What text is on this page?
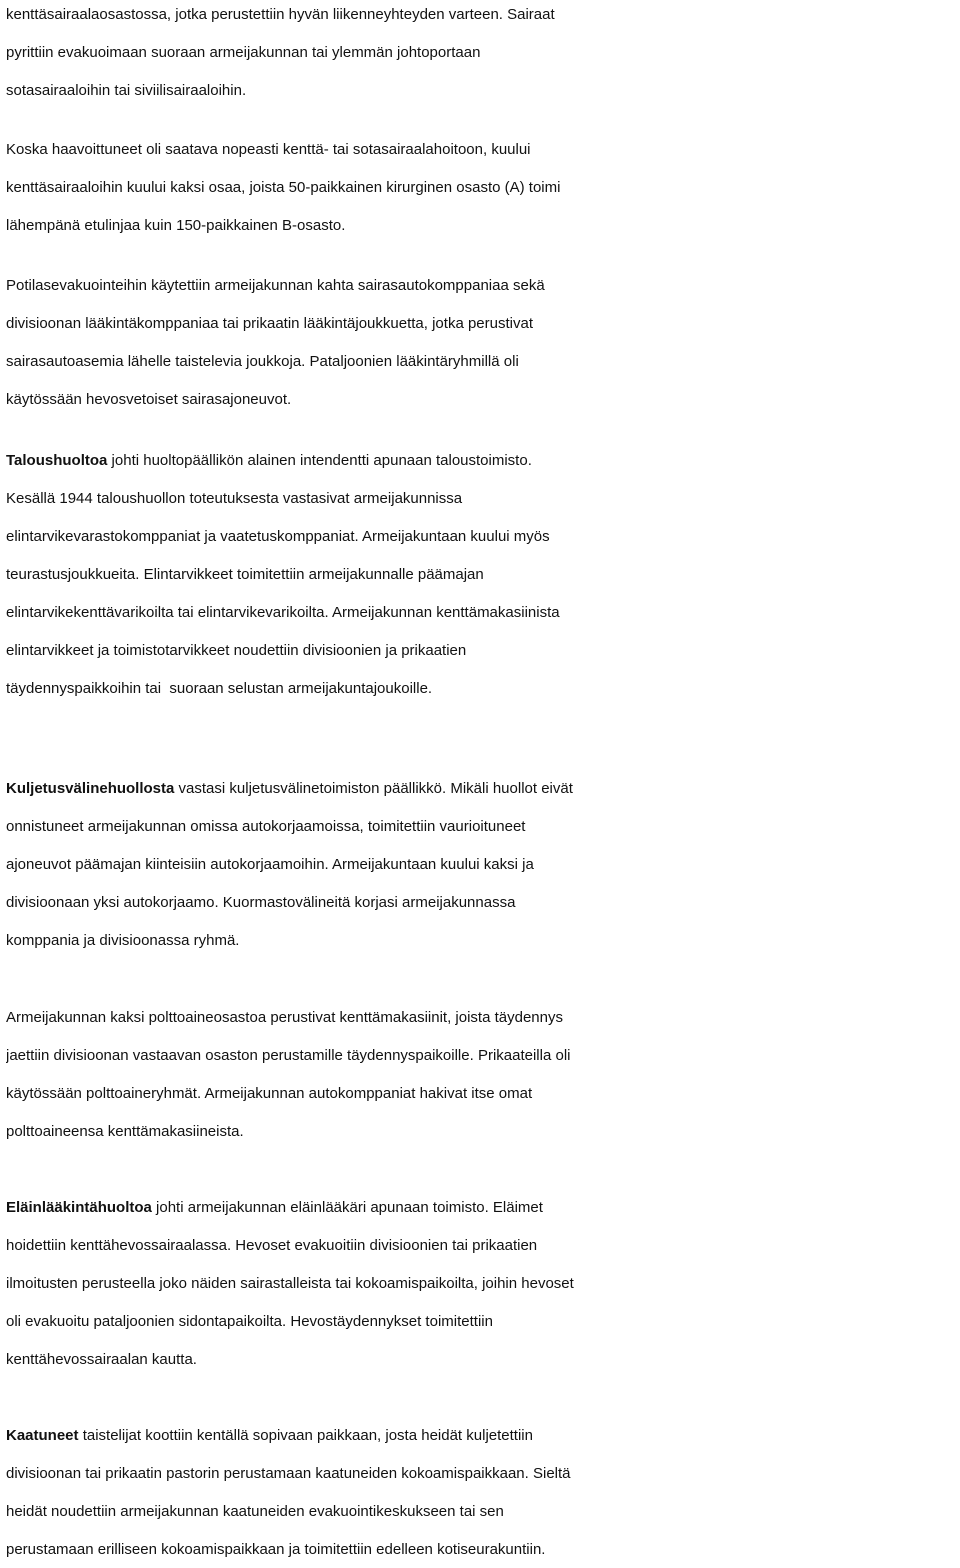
kenttäsairaalaosastossa, jotka perustettiin hyvän liikenneyhteyden varteen. Sairaat
pyrittiin evakuoimaan suoraan armeijakunnan tai ylemmän johtoportaan
sotasairaaloihin tai siviilisairaaloihin.
Koska haavoittuneet oli saatava nopeasti kenttä- tai sotasairaalahoitoon, kuului
kenttäsairaaloihin kuului kaksi osaa, joista 50-paikkainen kirurginen osasto (A) toimi
lähempänä etulinjaa kuin 150-paikkainen B-osasto.
Potilasevakuointeihin käytettiin armeijakunnan kahta sairasautokomppaniaa sekä
divisioonan lääkintäkomppaniaa tai prikaatin lääkintäjoukkuetta, jotka perustivat
sairasautoasemia lähelle taistelevia joukkoja. Pataljoonien lääkintäryhmillä oli
käytössään hevosvetoiset sairasajoneuvot.
Taloushuoltoa johti huoltopäällikön alainen intendentti apunaan taloustoimisto.
Kesällä 1944 taloushuollon toteutuksesta vastasivat armeijakunnissa
elintarvikevarastokomppaniat ja vaatetuskomppaniat. Armeijakuntaan kuului myös
teurastusjoukkueita. Elintarvikkeet toimitettiin armeijakunnalle päämajan
elintarvikekenttävarikoilta tai elintarvikevarikoilta. Armeijakunnan kenttämakasiinista
elintarvikkeet ja toimistotarvikkeet noudettiin divisioonien ja prikaatien
täydennyspaikkoihin tai  suoraan selustan armeijakuntajoukoille.
Kuljetusvälinehuollosta vastasi kuljetusvälinetoimiston päällikkö. Mikäli huollot eivät
onnistuneet armeijakunnan omissa autokorjaamoissa, toimitettiin vaurioituneet
ajoneuvot päämajan kiinteisiin autokorjaamoihin. Armeijakuntaan kuului kaksi ja
divisioonaan yksi autokorjaamo. Kuormastovälineitä korjasi armeijakunnassa
komppania ja divisioonassa ryhmä.
Armeijakunnan kaksi polttoaineosastoa perustivat kenttämakasiinit, joista täydennys
jaettiin divisioonan vastaavan osaston perustamille täydennyspaikoille. Prikaateilla oli
käytössään polttoaineryhmät. Armeijakunnan autokomppaniat hakivat itse omat
polttoaineensa kenttämakasiineista.
Eläinlääkintähuoltoa johti armeijakunnan eläinlääkäri apunaan toimisto. Eläimet
hoidettiin kenttähevossairaalassa. Hevoset evakuoitiin divisioonien tai prikaatien
ilmoitusten perusteella joko näiden sairastalleista tai kokoamispaikoilta, joihin hevoset
oli evakuoitu pataljoonien sidontapaikoilta. Hevostäydennykset toimitettiin
kenttähevossairaalan kautta.
Kaatuneet taistelijat koottiin kentällä sopivaan paikkaan, josta heidät kuljetettiin
divisioonan tai prikaatin pastorin perustamaan kaatuneiden kokoamispaikkaan. Sieltä
heidät noudettiin armeijakunnan kaatuneiden evakuointikeskukseen tai sen
perustamaan erilliseen kokoamispaikkaan ja toimitettiin edelleen kotiseurakuntiin.
